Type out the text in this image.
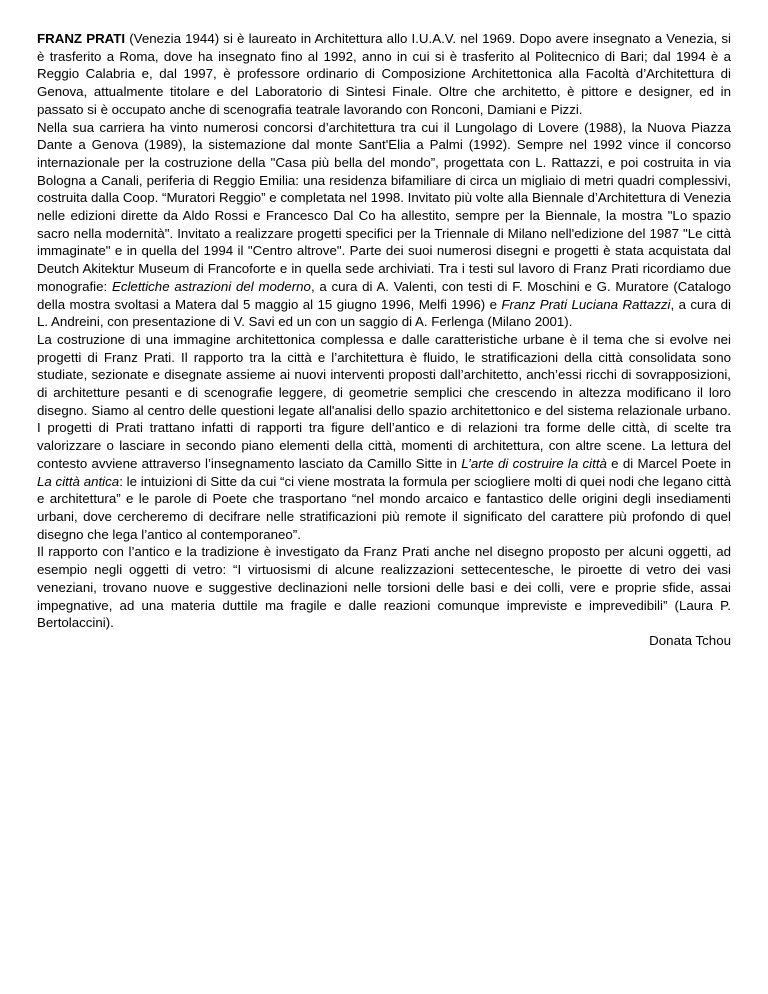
FRANZ PRATI (Venezia 1944) si è laureato in Architettura allo I.U.A.V. nel 1969. Dopo avere insegnato a Venezia, si è trasferito a Roma, dove ha insegnato fino al 1992, anno in cui si è trasferito al Politecnico di Bari; dal 1994 è a Reggio Calabria e, dal 1997, è professore ordinario di Composizione Architettonica alla Facoltà d’Architettura di Genova, attualmente titolare e del Laboratorio di Sintesi Finale. Oltre che architetto, è pittore e designer, ed in passato si è occupato anche di scenografia teatrale lavorando con Ronconi, Damiani e Pizzi.

Nella sua carriera ha vinto numerosi concorsi d’architettura tra cui il Lungolago di Lovere (1988), la Nuova Piazza Dante a Genova (1989), la sistemazione dal monte Sant'Elia a Palmi (1992). Sempre nel 1992 vince il concorso internazionale per la costruzione della "Casa più bella del mondo”, progettata con L. Rattazzi, e poi costruita in via Bologna a Canali, periferia di Reggio Emilia: una residenza bifamiliare di circa un migliaio di metri quadri complessivi, costruita dalla Coop. “Muratori Reggio” e completata nel 1998. Invitato più volte alla Biennale d’Architettura di Venezia nelle edizioni dirette da Aldo Rossi e Francesco Dal Co ha allestito, sempre per la Biennale, la mostra "Lo spazio sacro nella modernità". Invitato a realizzare progetti specifici per la Triennale di Milano nell'edizione del 1987 "Le città immaginate" e in quella del 1994 il "Centro altrove". Parte dei suoi numerosi disegni e progetti è stata acquistata dal Deutch Akitektur Museum di Francoforte e in quella sede archiviati. Tra i testi sul lavoro di Franz Prati ricordiamo due monografie: Eclettiche astrazioni del moderno, a cura di A. Valenti, con testi di F. Moschini e G. Muratore (Catalogo della mostra svoltasi a Matera dal 5 maggio al 15 giugno 1996, Melfi 1996) e Franz Prati Luciana Rattazzi, a cura di L. Andreini, con presentazione di V. Savi ed un con un saggio di A. Ferlenga (Milano 2001).

La costruzione di una immagine architettonica complessa e dalle caratteristiche urbane è il tema che si evolve nei progetti di Franz Prati. Il rapporto tra la città e l’architettura è fluido, le stratificazioni della città consolidata sono studiate, sezionate e disegnate assieme ai nuovi interventi proposti dall’architetto, anch’essi ricchi di sovrapposizioni, di architetture pesanti e di scenografie leggere, di geometrie semplici che crescendo in altezza modificano il loro disegno. Siamo al centro delle questioni legate all'analisi dello spazio architettonico e del sistema relazionale urbano. I progetti di Prati trattano infatti di rapporti tra figure dell’antico e di relazioni tra forme delle città, di scelte tra valorizzare o lasciare in secondo piano elementi della città, momenti di architettura, con altre scene. La lettura del contesto avviene attraverso l’insegnamento lasciato da Camillo Sitte in L’arte di costruire la città e di Marcel Poete in La città antica: le intuizioni di Sitte da cui “ci viene mostrata la formula per sciogliere molti di quei nodi che legano città e architettura” e le parole di Poete che trasportano “nel mondo arcaico e fantastico delle origini degli insediamenti urbani, dove cercheremo di decifrare nelle stratificazioni più remote il significato del carattere più profondo di quel disegno che lega l’antico al contemporaneo”.

Il rapporto con l’antico e la tradizione è investigato da Franz Prati anche nel disegno proposto per alcuni oggetti, ad esempio negli oggetti di vetro: “I virtuosismi di alcune realizzazioni settecentesche, le piroette di vetro dei vasi veneziani, trovano nuove e suggestive declinazioni nelle torsioni delle basi e dei colli, vere e proprie sfide, assai impegnative, ad una materia duttile ma fragile e dalle reazioni comunque impreviste e imprevedibili” (Laura P. Bertolaccini).

Donata Tchou
